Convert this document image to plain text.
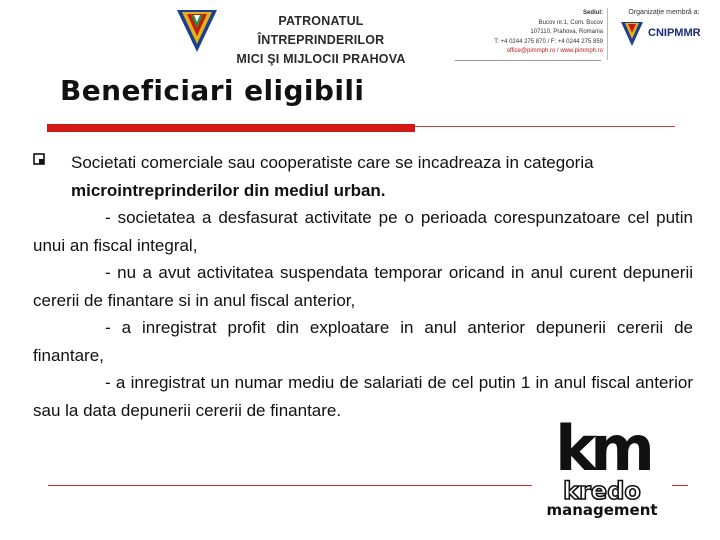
PATRONATUL ÎNTREPRINDERILOR
MICI ŞI MIJLOCII PRAHOVA
Sediul:
Bucov nr.1, Com. Bucov
107110, Prahova, Romania
T: +4 0244 275 870 / F: +4 0244 275 859
office@pimmph.ro / www.pimmph.ro
Organizaţie membră a:
CNIPMMR
Beneficiari eligibili
Societati comerciale sau cooperatiste care se incadreaza in categoria
microintreprinderilor din mediul urban.
- societatea a desfasurat activitate pe o perioada corespunzatoare cel putin unui an fiscal integral,
- nu a avut activitatea suspendata temporar oricand in anul curent depunerii cererii de finantare si in anul fiscal anterior,
- a inregistrat profit din exploatare in anul anterior depunerii cererii de finantare,
- a inregistrat un numar mediu de salariati de cel putin 1 in anul fiscal anterior sau la data depunerii cererii de finantare.
km
kredo
management
